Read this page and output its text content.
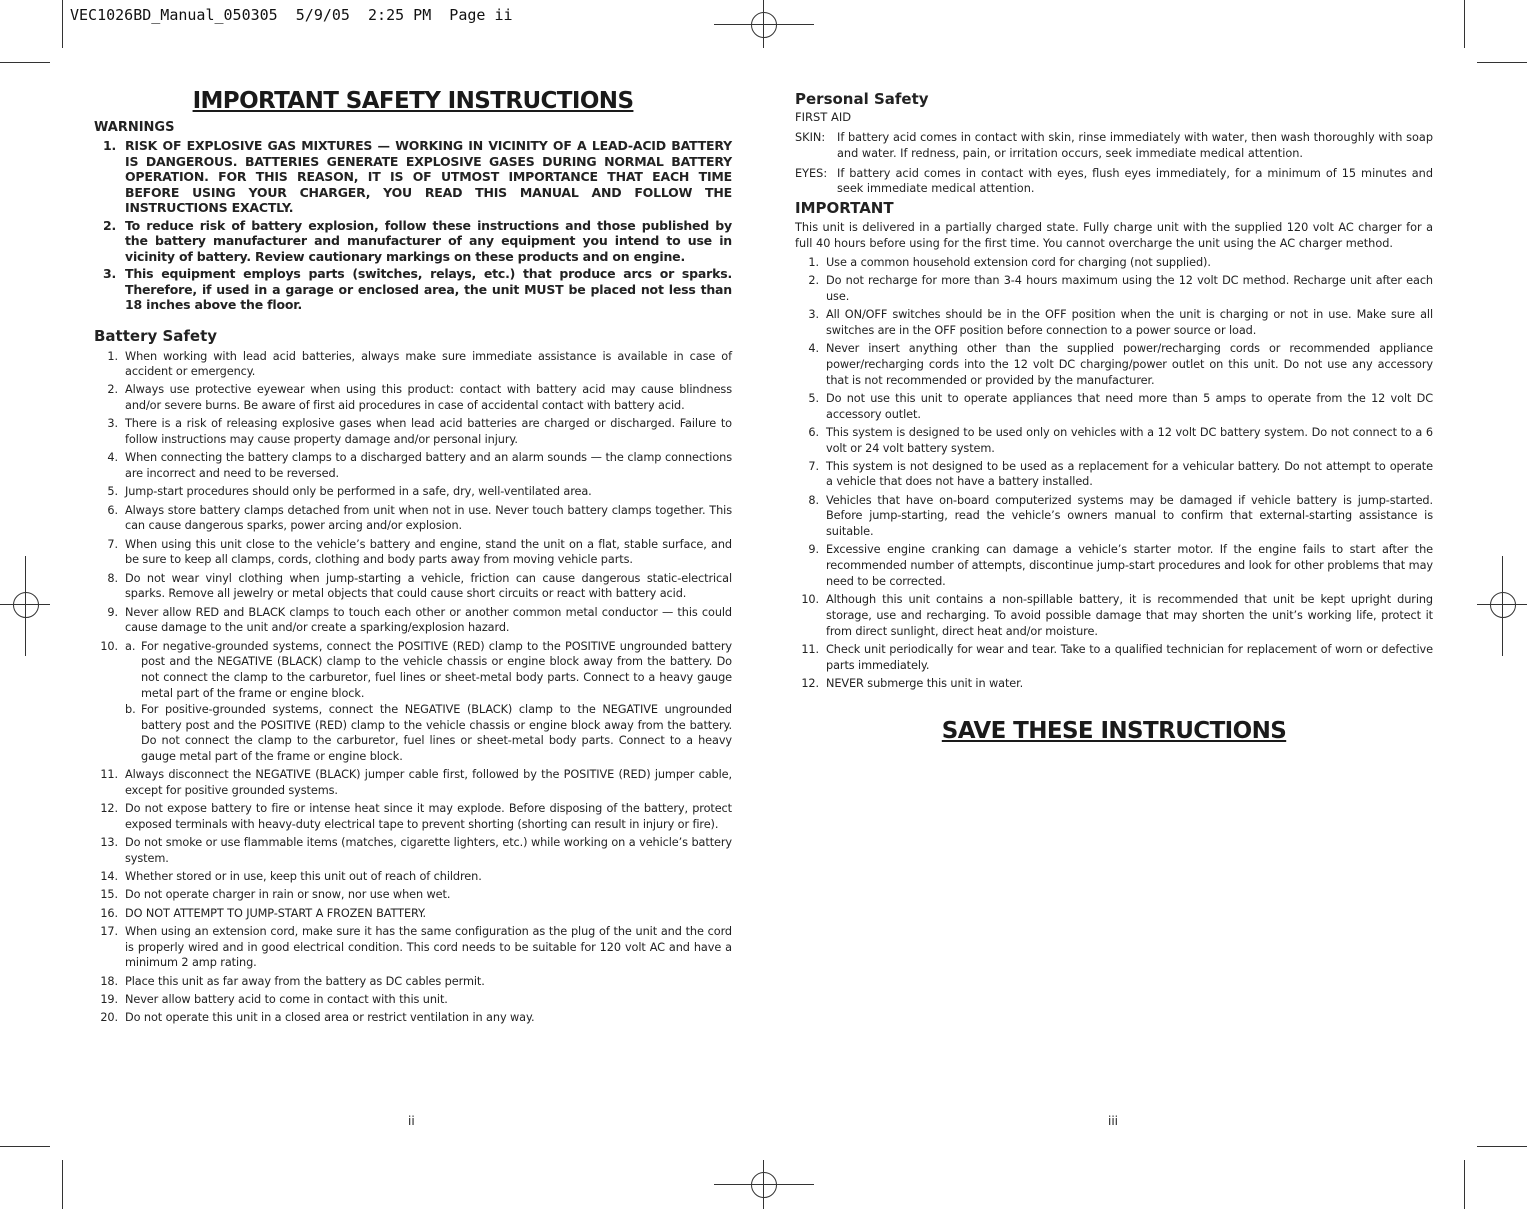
VEC1026BD_Manual_050305  5/9/05  2:25 PM  Page ii
IMPORTANT SAFETY INSTRUCTIONS
WARNINGS
1. RISK OF EXPLOSIVE GAS MIXTURES — WORKING IN VICINITY OF A LEAD-ACID BATTERY IS DANGEROUS. BATTERIES GENERATE EXPLOSIVE GASES DURING NORMAL BATTERY OPERATION. FOR THIS REASON, IT IS OF UTMOST IMPORTANCE THAT EACH TIME BEFORE USING YOUR CHARGER, YOU READ THIS MANUAL AND FOLLOW THE INSTRUCTIONS EXACTLY.
2. To reduce risk of battery explosion, follow these instructions and those published by the battery manufacturer and manufacturer of any equipment you intend to use in vicinity of battery. Review cautionary markings on these products and on engine.
3. This equipment employs parts (switches, relays, etc.) that produce arcs or sparks. Therefore, if used in a garage or enclosed area, the unit MUST be placed not less than 18 inches above the floor.
Battery Safety
1. When working with lead acid batteries, always make sure immediate assistance is available in case of accident or emergency.
2. Always use protective eyewear when using this product: contact with battery acid may cause blindness and/or severe burns. Be aware of first aid procedures in case of accidental contact with battery acid.
3. There is a risk of releasing explosive gases when lead acid batteries are charged or discharged. Failure to follow instructions may cause property damage and/or personal injury.
4. When connecting the battery clamps to a discharged battery and an alarm sounds — the clamp connections are incorrect and need to be reversed.
5. Jump-start procedures should only be performed in a safe, dry, well-ventilated area.
6. Always store battery clamps detached from unit when not in use. Never touch battery clamps together. This can cause dangerous sparks, power arcing and/or explosion.
7. When using this unit close to the vehicle’s battery and engine, stand the unit on a flat, stable surface, and be sure to keep all clamps, cords, clothing and body parts away from moving vehicle parts.
8. Do not wear vinyl clothing when jump-starting a vehicle, friction can cause dangerous static-electrical sparks. Remove all jewelry or metal objects that could cause short circuits or react with battery acid.
9. Never allow RED and BLACK clamps to touch each other or another common metal conductor — this could cause damage to the unit and/or create a sparking/explosion hazard.
10. a. For negative-grounded systems, connect the POSITIVE (RED) clamp to the POSITIVE ungrounded battery post and the NEGATIVE (BLACK) clamp to the vehicle chassis or engine block away from the battery. Do not connect the clamp to the carburetor, fuel lines or sheet-metal body parts. Connect to a heavy gauge metal part of the frame or engine block.
b. For positive-grounded systems, connect the NEGATIVE (BLACK) clamp to the NEGATIVE ungrounded battery post and the POSITIVE (RED) clamp to the vehicle chassis or engine block away from the battery. Do not connect the clamp to the carburetor, fuel lines or sheet-metal body parts. Connect to a heavy gauge metal part of the frame or engine block.
11. Always disconnect the NEGATIVE (BLACK) jumper cable first, followed by the POSITIVE (RED) jumper cable, except for positive grounded systems.
12. Do not expose battery to fire or intense heat since it may explode. Before disposing of the battery, protect exposed terminals with heavy-duty electrical tape to prevent shorting (shorting can result in injury or fire).
13. Do not smoke or use flammable items (matches, cigarette lighters, etc.) while working on a vehicle’s battery system.
14. Whether stored or in use, keep this unit out of reach of children.
15. Do not operate charger in rain or snow, nor use when wet.
16. DO NOT ATTEMPT TO JUMP-START A FROZEN BATTERY.
17. When using an extension cord, make sure it has the same configuration as the plug of the unit and the cord is properly wired and in good electrical condition. This cord needs to be suitable for 120 volt AC and have a minimum 2 amp rating.
18. Place this unit as far away from the battery as DC cables permit.
19. Never allow battery acid to come in contact with this unit.
20. Do not operate this unit in a closed area or restrict ventilation in any way.
ii
Personal Safety
FIRST AID
SKIN: If battery acid comes in contact with skin, rinse immediately with water, then wash thoroughly with soap and water. If redness, pain, or irritation occurs, seek immediate medical attention.
EYES: If battery acid comes in contact with eyes, flush eyes immediately, for a minimum of 15 minutes and seek immediate medical attention.
IMPORTANT

This unit is delivered in a partially charged state. Fully charge unit with the supplied 120 volt AC charger for a full 40 hours before using for the first time. You cannot overcharge the unit using the AC charger method.

1. Use a common household extension cord for charging (not supplied).
2. Do not recharge for more than 3-4 hours maximum using the 12 volt DC method. Recharge unit after each use.
3. All ON/OFF switches should be in the OFF position when the unit is charging or not in use. Make sure all switches are in the OFF position before connection to a power source or load.
4. Never insert anything other than the supplied power/recharging cords or recommended appliance power/recharging cords into the 12 volt DC charging/power outlet on this unit. Do not use any accessory that is not recommended or provided by the manufacturer.
5. Do not use this unit to operate appliances that need more than 5 amps to operate from the 12 volt DC accessory outlet.
6. This system is designed to be used only on vehicles with a 12 volt DC battery system. Do not connect to a 6 volt or 24 volt battery system.
7. This system is not designed to be used as a replacement for a vehicular battery. Do not attempt to operate a vehicle that does not have a battery installed.
8. Vehicles that have on-board computerized systems may be damaged if vehicle battery is jump-started. Before jump-starting, read the vehicle’s owners manual to confirm that external-starting assistance is suitable.
9. Excessive engine cranking can damage a vehicle’s starter motor. If the engine fails to start after the recommended number of attempts, discontinue jump-start procedures and look for other problems that may need to be corrected.
10. Although this unit contains a non-spillable battery, it is recommended that unit be kept upright during storage, use and recharging. To avoid possible damage that may shorten the unit’s working life, protect it from direct sunlight, direct heat and/or moisture.
11. Check unit periodically for wear and tear. Take to a qualified technician for replacement of worn or defective parts immediately.
12. NEVER submerge this unit in water.
SAVE THESE INSTRUCTIONS
iii
